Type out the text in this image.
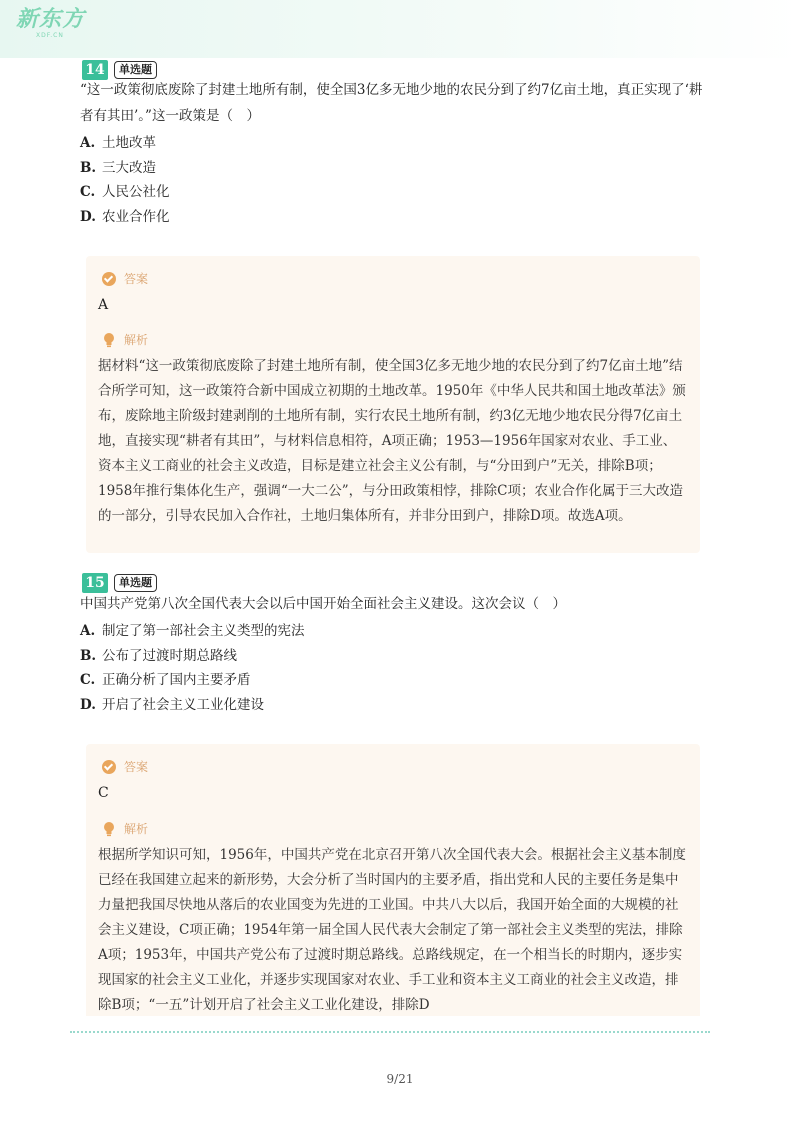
新东方
XDF.CN
14	单选题

“这一政策彻底废除了封建土地所有制，使全国3亿多无地少地的农民分到了约7亿亩土地，真正实现了‘耕者有其田’。”这一政策是（　）

A. 土地改革
B. 三大改造
C. 人民公社化
D. 农业合作化
答案
A
解析

据材料“这一政策彻底废除了封建土地所有制，使全国3亿多无地少地的农民分到了约7亿亩土地”结合所学可知，这一政策符合新中国成立初期的土地改革。1950年《中华人民共和国土地改革法》颁布，废除地主阶级封建剥削的土地所有制，实行农民土地所有制，约3亿无地少地农民分得7亿亩土地，直接实现“耕者有其田”，与材料信息相符，A项正确；1953—1956年国家对农业、手工业、资本主义工商业的社会主义改造，目标是建立社会主义公有制，与“分田到户”无关，排除B项；1958年推行集体化生产，强调“一大二公”，与分田政策相悖，排除C项；农业合作化属于三大改造的一部分，引导农民加入合作社，土地归集体所有，并非分田到户，排除D项。故选A项。

15	单选题

中国共产党第八次全国代表大会以后中国开始全面社会主义建设。这次会议（　）

A. 制定了第一部社会主义类型的宪法
B. 公布了过渡时期总路线
C. 正确分析了国内主要矛盾
D. 开启了社会主义工业化建设
答案
C
解析

根据所学知识可知，1956年，中国共产党在北京召开第八次全国代表大会。根据社会主义基本制度已经在我国建立起来的新形势，大会分析了当时国内的主要矛盾，指出党和人民的主要任务是集中力量把我国尽快地从落后的农业国变为先进的工业国。中共八大以后，我国开始全面的大规模的社会主义建设，C项正确；1954年第一届全国人民代表大会制定了第一部社会主义类型的宪法，排除A项；1953年，中国共产党公布了过渡时期总路线。总路线规定，在一个相当长的时期内，逐步实现国家的社会主义工业化，并逐步实现国家对农业、手工业和资本主义工商业的社会主义改造，排除B项；“一五”计划开启了社会主义工业化建设，排除D

9/21
